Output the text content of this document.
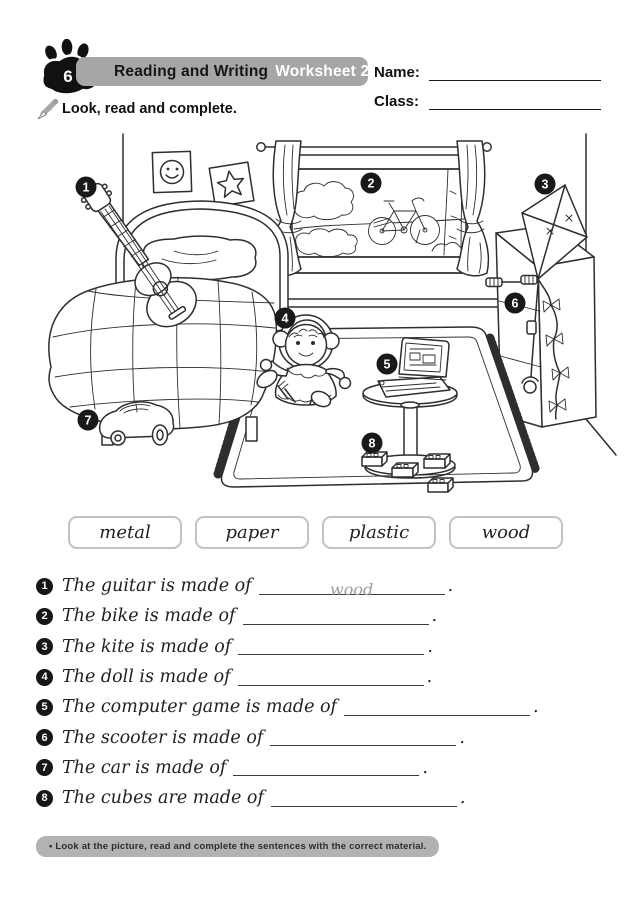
6	Reading and Writing Worksheet 2 Name:
Class:
Look, read and complete.
1	2	3
4
5
6
7
8
metal	paper	plastic	wood
1 The guitar is made of	wood	.
2 The bike is made of	.
3 The kite is made of	.
4 The doll is made of	.
5 The computer game is made of	.
6 The scooter is made of	.
7 The car is made of	.
8 The cubes are made of	.
• Look at the picture, read and complete the sentences with the correct material.
